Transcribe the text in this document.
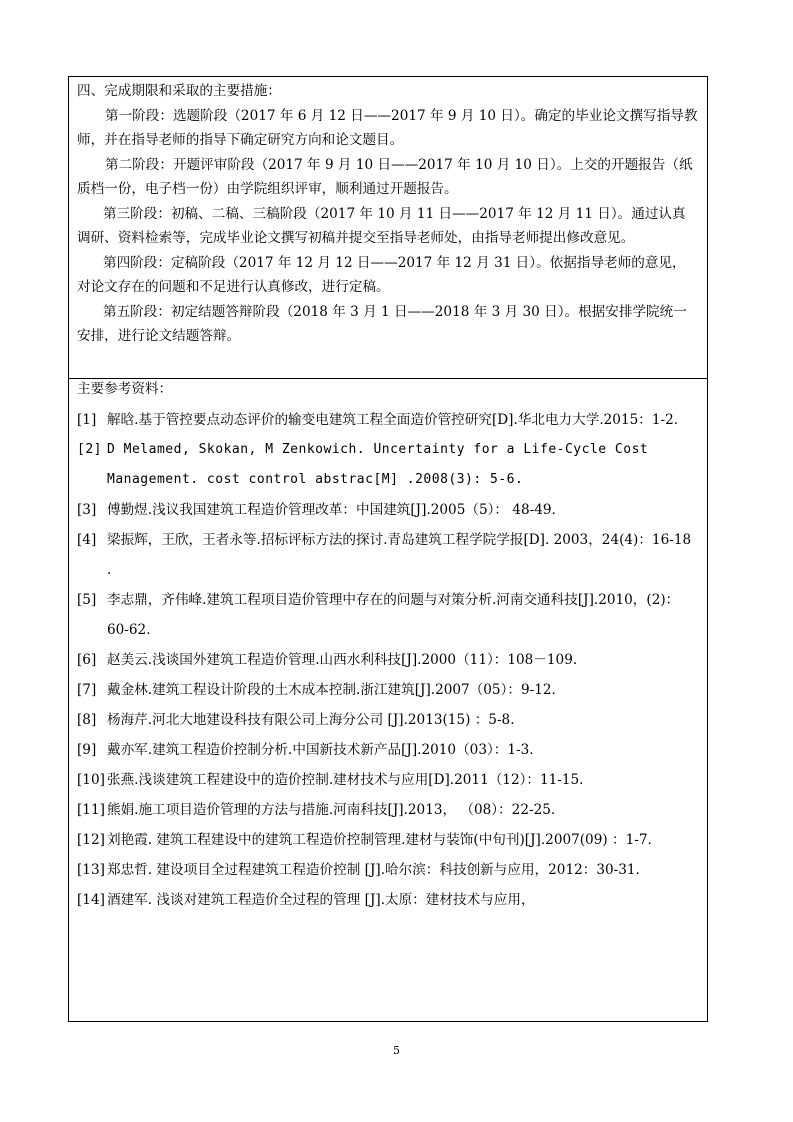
四、完成期限和采取的主要措施：

第一阶段：选题阶段（2017 年 6 月 12 日——2017 年 9 月 10 日）。确定的毕业论文撰写指导教师，并在指导老师的指导下确定研究方向和论文题目。

第二阶段：开题评审阶段（2017 年 9 月 10 日——2017 年 10 月 10 日）。上交的开题报告（纸质档一份，电子档一份）由学院组织评审，顺利通过开题报告。

第三阶段：初稿、二稿、三稿阶段（2017 年 10 月 11 日——2017 年 12 月 11 日）。通过认真调研、资料检索等，完成毕业论文撰写初稿并提交至指导老师处，由指导老师提出修改意见。

第四阶段：定稿阶段（2017 年 12 月 12 日——2017 年 12 月 31 日）。依据指导老师的意见，对论文存在的问题和不足进行认真修改，进行定稿。

第五阶段：初定结题答辩阶段（2018 年 3 月 1 日——2018 年 3 月 30 日）。根据安排学院统一安排，进行论文结题答辩。

主要参考资料：

[1] 解晗.基于管控要点动态评价的输变电建筑工程全面造价管控研究[D].华北电力大学.2015：1-2.

[2] D Melamed, Skokan, M Zenkowich. Uncertainty for a Life-Cycle Cost Management. cost control abstrac[M] .2008(3): 5-6.

[3] 傅勤煜.浅议我国建筑工程造价管理改革：中国建筑[J].2005（5）： 48-49.

[4] 梁振辉，王欣，王者永等.招标评标方法的探讨.青岛建筑工程学院学报[D]. 2003，24(4)：16-18 .

[5] 李志鼎，齐伟峰.建筑工程项目造价管理中存在的问题与对策分析.河南交通科技[J].2010，(2)：60-62.

[6] 赵美云.浅谈国外建筑工程造价管理.山西水利科技[J].2000（11）：108－109.

[7] 戴金林.建筑工程设计阶段的土木成本控制.浙江建筑[J].2007（05）：9-12.

[8] 杨海芹.河北大地建设科技有限公司上海分公司 [J].2013(15) ：5-8.

[9] 戴亦军.建筑工程造价控制分析.中国新技术新产品[J].2010（03）：1-3.

[10] 张燕.浅谈建筑工程建设中的造价控制.建材技术与应用[D].2011（12）：11-15.

[11] 熊娟.施工项目造价管理的方法与措施.河南科技[J].2013， （08）：22-25.

[12] 刘艳霞. 建筑工程建设中的建筑工程造价控制管理.建材与装饰(中旬刊)[J].2007(09) ：1-7.

[13] 郑忠哲. 建设项目全过程建筑工程造价控制 [J].哈尔滨：科技创新与应用，2012：30-31.

[14] 酒建军. 浅谈对建筑工程造价全过程的管理 [J].太原：建材技术与应用，

5
